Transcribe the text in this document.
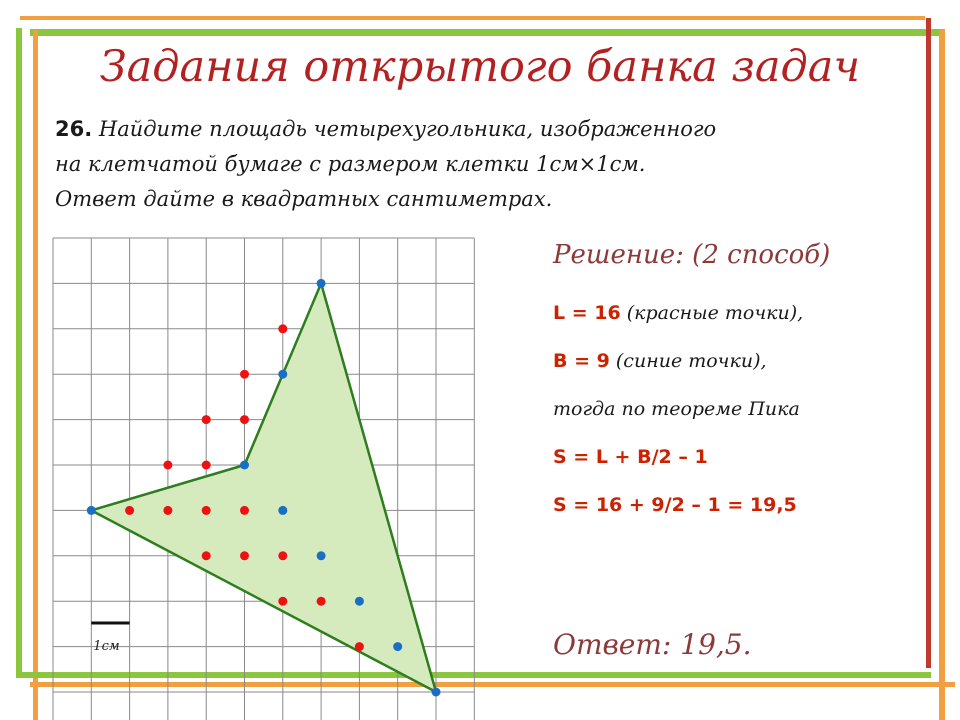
Задания открытого банка задач
26. Найдите площадь четырехугольника, изображенного
на клетчатой бумаге с размером клетки 1см×1см.
Ответ дайте в квадратных сантиметрах.
1см
Решение: (2 способ)
L = 16 (красные точки),
B = 9 (синие точки),
тогда по теореме Пика
S = L + B/2 – 1
S = 16 + 9/2 – 1 = 19,5
Ответ: 19,5.
